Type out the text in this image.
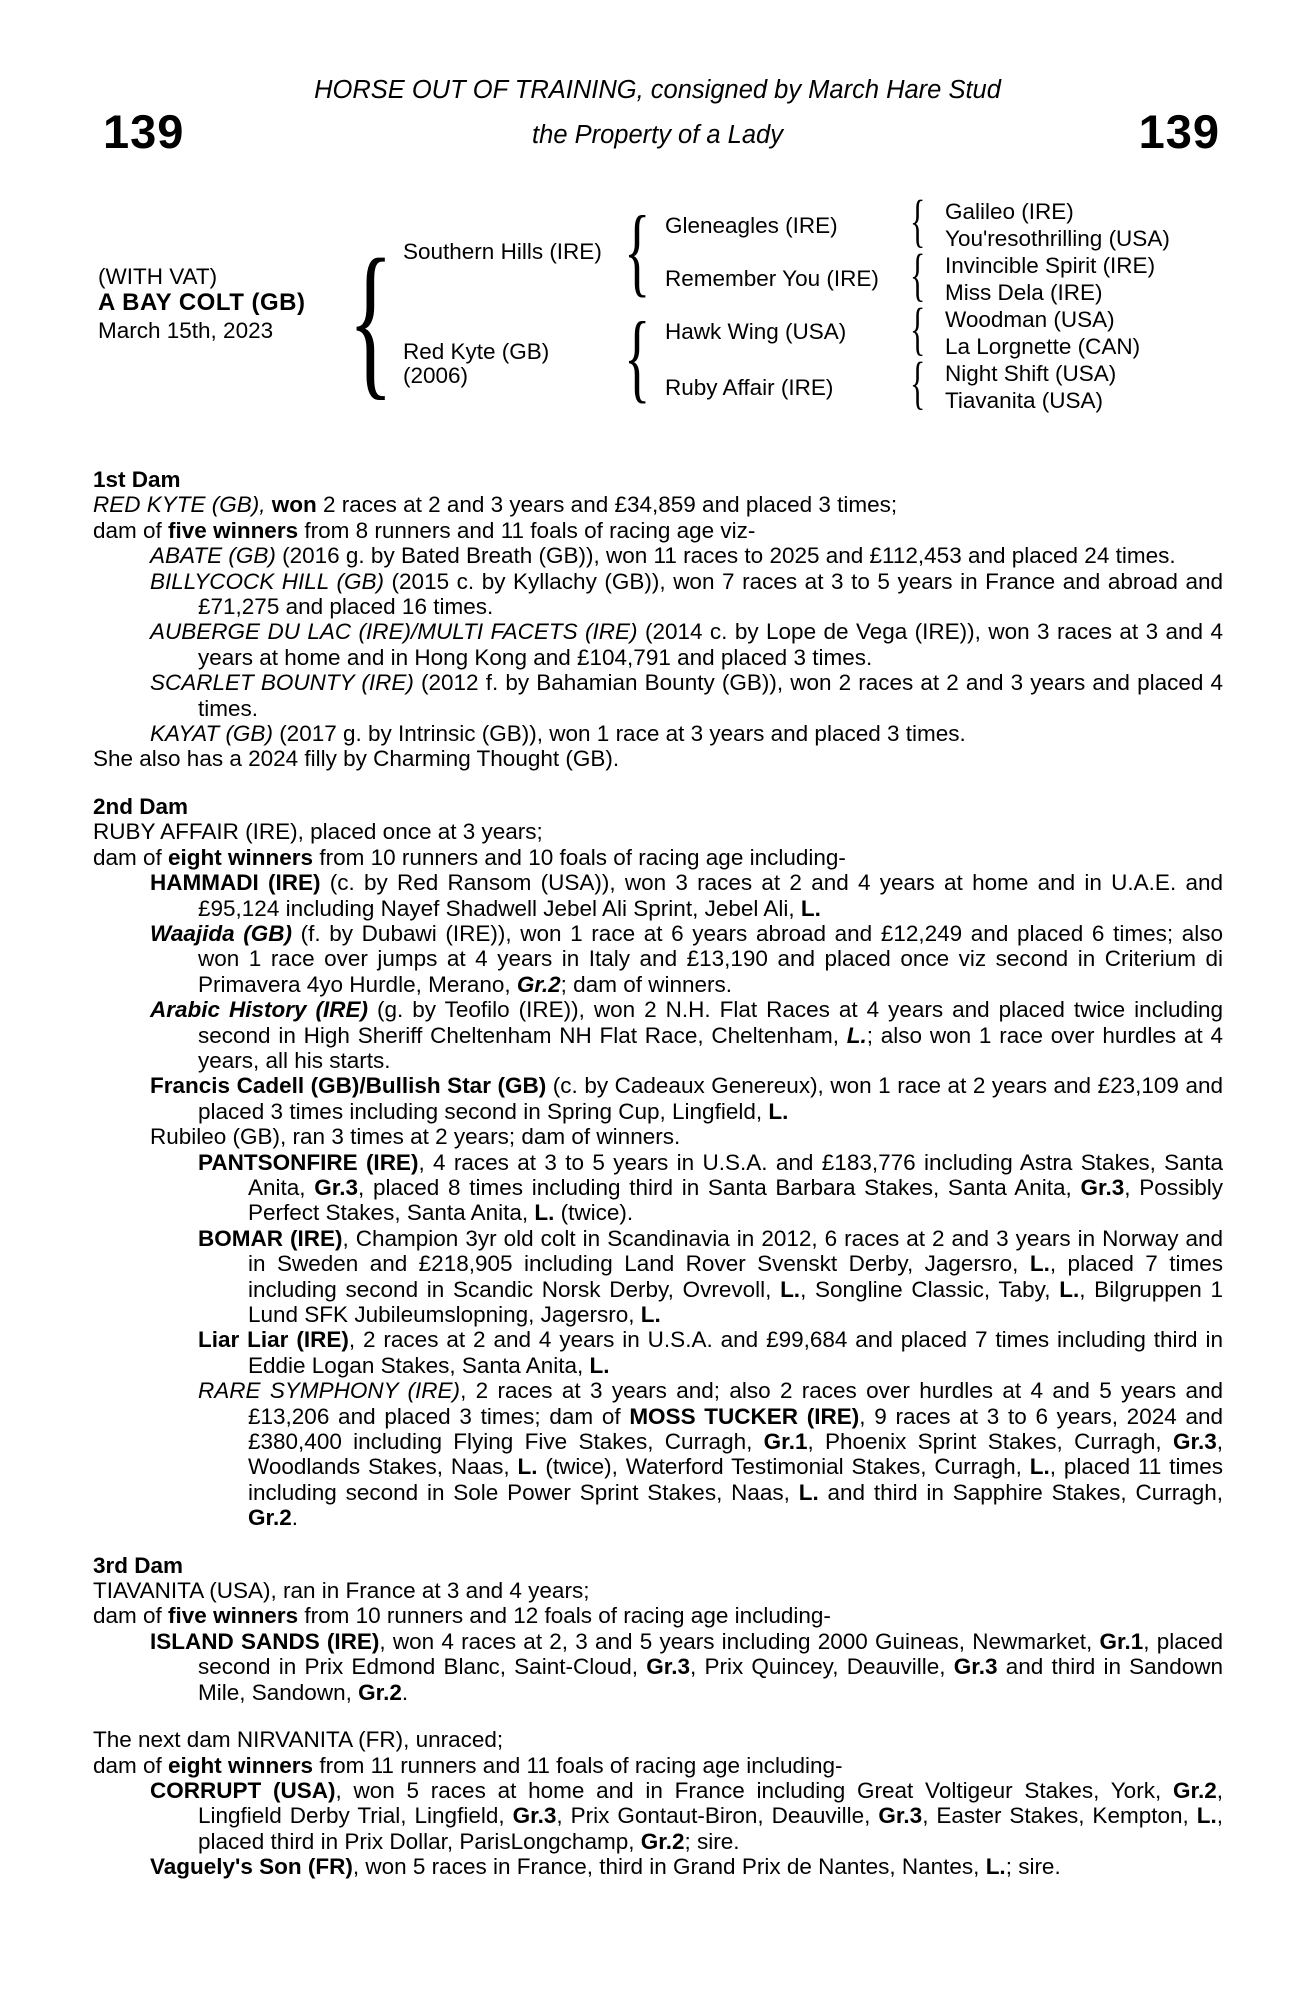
139	139
HORSE OUT OF TRAINING, consigned by March Hare Stud
the Property of a Lady
(WITH VAT)
A BAY COLT (GB)
March 15th, 2023 { Southern Hills (IRE)
Red Kyte (GB)
(2006)
{
{
Gleneagles (IRE)
Remember You (IRE)
Hawk Wing (USA)
Ruby Affair (IRE)
{
{
{
{
Galileo (IRE)
You'resothrilling (USA)
Invincible Spirit (IRE)
Miss Dela (IRE)
Woodman (USA)
La Lorgnette (CAN)
Night Shift (USA)
Tiavanita (USA)
1st Dam

RED KYTE (GB), won 2 races at 2 and 3 years and £34,859 and placed 3 times;

dam of five winners from 8 runners and 11 foals of racing age viz-

ABATE (GB) (2016 g. by Bated Breath (GB)), won 11 races to 2025 and £112,453 and placed 24 times.

BILLYCOCK HILL (GB) (2015 c. by Kyllachy (GB)), won 7 races at 3 to 5 years in France and abroad and £71,275 and placed 16 times.

AUBERGE DU LAC (IRE)/MULTI FACETS (IRE) (2014 c. by Lope de Vega (IRE)), won 3 races at 3 and 4 years at home and in Hong Kong and £104,791 and placed 3 times.

SCARLET BOUNTY (IRE) (2012 f. by Bahamian Bounty (GB)), won 2 races at 2 and 3 years and placed 4 times.

KAYAT (GB) (2017 g. by Intrinsic (GB)), won 1 race at 3 years and placed 3 times.

She also has a 2024 filly by Charming Thought (GB).

2nd Dam

RUBY AFFAIR (IRE), placed once at 3 years;

dam of eight winners from 10 runners and 10 foals of racing age including-

HAMMADI (IRE) (c. by Red Ransom (USA)), won 3 races at 2 and 4 years at home and in U.A.E. and £95,124 including Nayef Shadwell Jebel Ali Sprint, Jebel Ali, L.

Waajida (GB) (f. by Dubawi (IRE)), won 1 race at 6 years abroad and £12,249 and placed 6 times; also won 1 race over jumps at 4 years in Italy and £13,190 and placed once viz second in Criterium di Primavera 4yo Hurdle, Merano, Gr.2; dam of winners.

Arabic History (IRE) (g. by Teofilo (IRE)), won 2 N.H. Flat Races at 4 years and placed twice including second in High Sheriff Cheltenham NH Flat Race, Cheltenham, L.; also won 1 race over hurdles at 4 years, all his starts.

Francis Cadell (GB)/Bullish Star (GB) (c. by Cadeaux Genereux), won 1 race at 2 years and £23,109 and placed 3 times including second in Spring Cup, Lingfield, L.

Rubileo (GB), ran 3 times at 2 years; dam of winners.

PANTSONFIRE (IRE), 4 races at 3 to 5 years in U.S.A. and £183,776 including Astra Stakes, Santa Anita, Gr.3, placed 8 times including third in Santa Barbara Stakes, Santa Anita, Gr.3, Possibly Perfect Stakes, Santa Anita, L. (twice).

BOMAR (IRE), Champion 3yr old colt in Scandinavia in 2012, 6 races at 2 and 3 years in Norway and in Sweden and £218,905 including Land Rover Svenskt Derby, Jagersro, L., placed 7 times including second in Scandic Norsk Derby, Ovrevoll, L., Songline Classic, Taby, L., Bilgruppen 1 Lund SFK Jubileumslopning, Jagersro, L.

Liar Liar (IRE), 2 races at 2 and 4 years in U.S.A. and £99,684 and placed 7 times including third in Eddie Logan Stakes, Santa Anita, L.

RARE SYMPHONY (IRE), 2 races at 3 years and; also 2 races over hurdles at 4 and 5 years and £13,206 and placed 3 times; dam of MOSS TUCKER (IRE), 9 races at 3 to 6 years, 2024 and £380,400 including Flying Five Stakes, Curragh, Gr.1, Phoenix Sprint Stakes, Curragh, Gr.3, Woodlands Stakes, Naas, L. (twice), Waterford Testimonial Stakes, Curragh, L., placed 11 times including second in Sole Power Sprint Stakes, Naas, L. and third in Sapphire Stakes, Curragh, Gr.2.

3rd Dam

TIAVANITA (USA), ran in France at 3 and 4 years;

dam of five winners from 10 runners and 12 foals of racing age including-

ISLAND SANDS (IRE), won 4 races at 2, 3 and 5 years including 2000 Guineas, Newmarket, Gr.1, placed second in Prix Edmond Blanc, Saint-Cloud, Gr.3, Prix Quincey, Deauville, Gr.3 and third in Sandown Mile, Sandown, Gr.2.

The next dam NIRVANITA (FR), unraced;

dam of eight winners from 11 runners and 11 foals of racing age including-

CORRUPT (USA), won 5 races at home and in France including Great Voltigeur Stakes, York, Gr.2, Lingfield Derby Trial, Lingfield, Gr.3, Prix Gontaut-Biron, Deauville, Gr.3, Easter Stakes, Kempton, L., placed third in Prix Dollar, ParisLongchamp, Gr.2; sire.

Vaguely's Son (FR), won 5 races in France, third in Grand Prix de Nantes, Nantes, L.; sire.
